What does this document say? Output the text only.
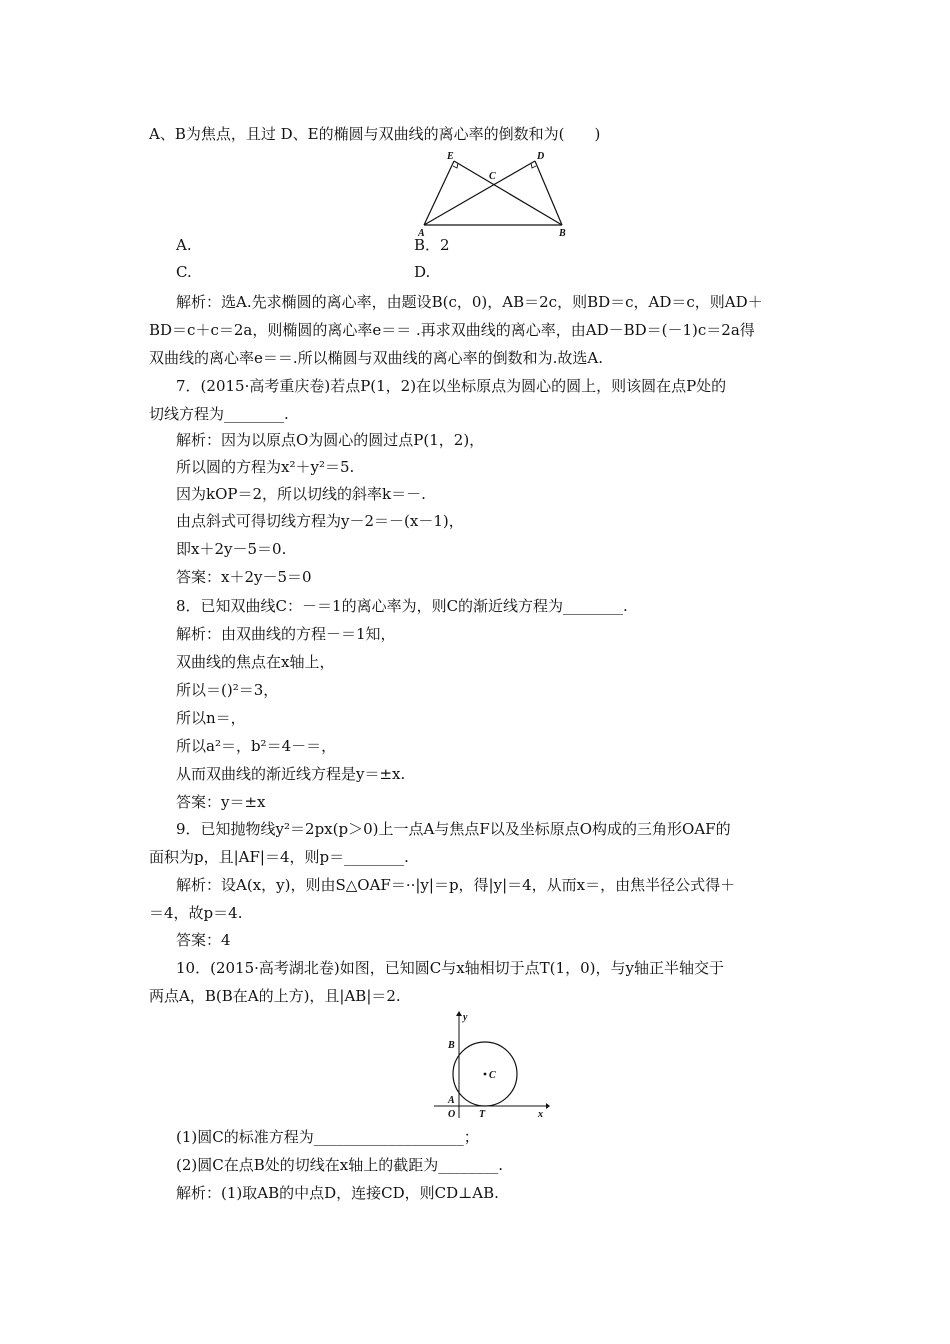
A、B为焦点，且过 D、E的椭圆与双曲线的离心率的倒数和为(　　)
E	D
C
A	B
A.	B．2
C.	D.
解析：选A.先求椭圆的离心率，由题设B(c，0)，AB＝2c，则BD＝c，AD＝c，则AD＋
BD＝c＋c＝2a，则椭圆的离心率e＝＝ .再求双曲线的离心率，由AD－BD＝(－1)c＝2a得
双曲线的离心率e＝＝.所以椭圆与双曲线的离心率的倒数和为.故选A.
7．(2015·高考重庆卷)若点P(1，2)在以坐标原点为圆心的圆上，则该圆在点P处的
切线方程为________.
解析：因为以原点O为圆心的圆过点P(1，2)，
所以圆的方程为x²＋y²＝5.
因为kOP＝2，所以切线的斜率k＝－.
由点斜式可得切线方程为y－2＝－(x－1)，
即x＋2y－5＝0.
答案：x＋2y－5＝0
8．已知双曲线C：－＝1的离心率为，则C的渐近线方程为________.
解析：由双曲线的方程－＝1知，
双曲线的焦点在x轴上，
所以＝()²＝3，
所以n＝，
所以a²＝，b²＝4－＝，
从而双曲线的渐近线方程是y＝±x.
答案：y＝±x
9．已知抛物线y²＝2px(p＞0)上一点A与焦点F以及坐标原点O构成的三角形OAF的
面积为p，且|AF|＝4，则p＝________.
解析：设A(x，y)，则由S△OAF＝··|y|＝p，得|y|＝4，从而x＝，由焦半径公式得＋
＝4，故p＝4.
答案：4
10．(2015·高考湖北卷)如图，已知圆C与x轴相切于点T(1，0)，与y轴正半轴交于
两点A，B(B在A的上方)，且|AB|＝2.
y
B
C
A
O T	x
(1)圆C的标准方程为____________________；
(2)圆C在点B处的切线在x轴上的截距为________.
解析：(1)取AB的中点D，连接CD，则CD⊥AB.
